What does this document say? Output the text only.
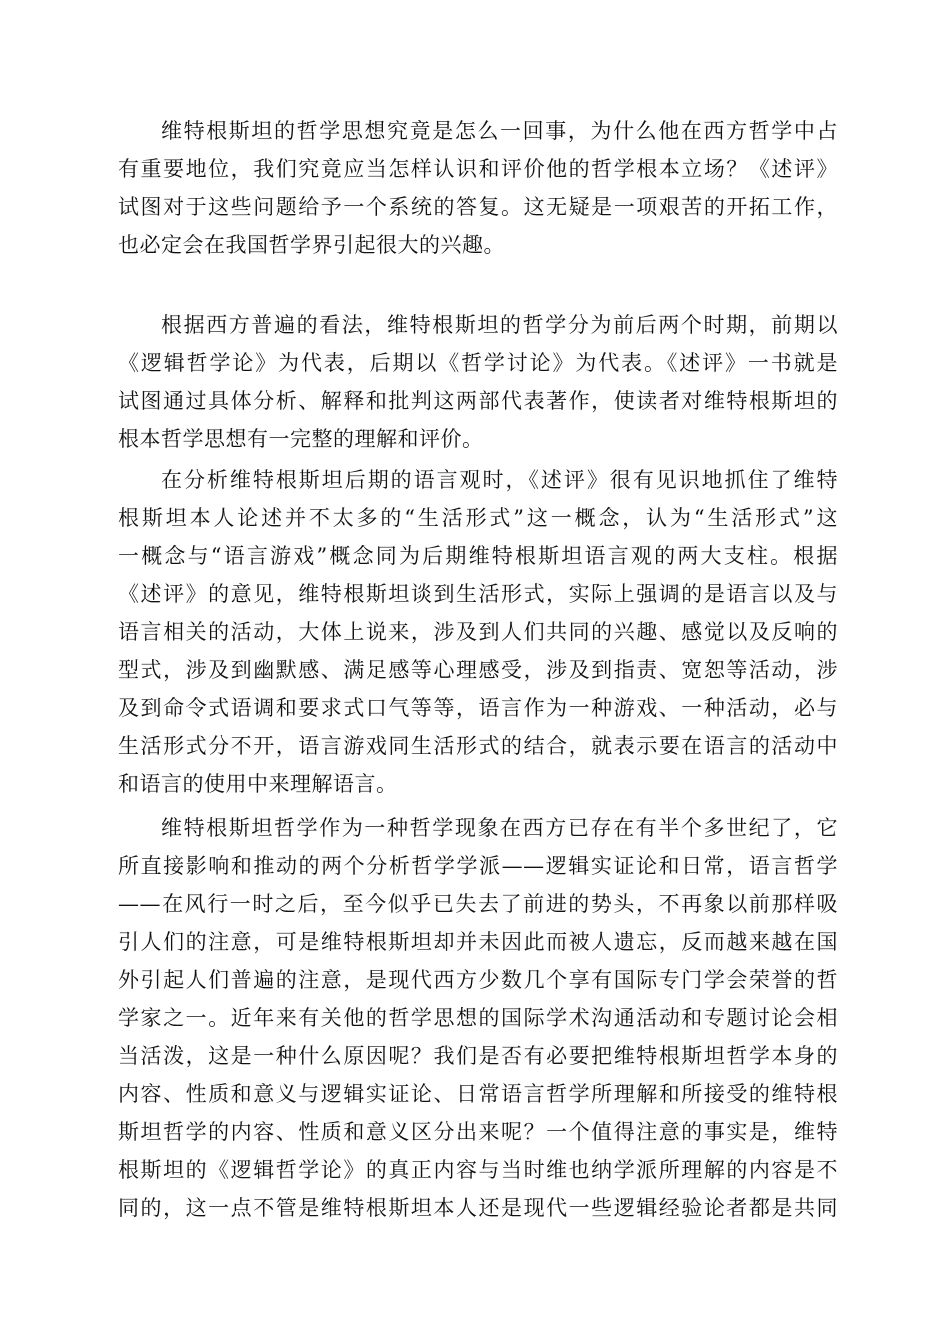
维特根斯坦的哲学思想究竟是怎么一回事，为什么他在西方哲学中占
有重要地位，我们究竟应当怎样认识和评价他的哲学根本立场？《述评》
试图对于这些问题给予一个系统的答复。这无疑是一项艰苦的开拓工作，
也必定会在我国哲学界引起很大的兴趣。

根据西方普遍的看法，维特根斯坦的哲学分为前后两个时期，前期以
《逻辑哲学论》为代表，后期以《哲学讨论》为代表。《述评》一书就是
试图通过具体分析、解释和批判这两部代表著作，使读者对维特根斯坦的
根本哲学思想有一完整的理解和评价。

在分析维特根斯坦后期的语言观时，《述评》很有见识地抓住了维特
根斯坦本人论述并不太多的“生活形式”这一概念，认为“生活形式”这
一概念与“语言游戏”概念同为后期维特根斯坦语言观的两大支柱。根据
《述评》的意见，维特根斯坦谈到生活形式，实际上强调的是语言以及与
语言相关的活动，大体上说来，涉及到人们共同的兴趣、感觉以及反响的
型式，涉及到幽默感、满足感等心理感受，涉及到指责、宽恕等活动，涉
及到命令式语调和要求式口气等等，语言作为一种游戏、一种活动，必与
生活形式分不开，语言游戏同生活形式的结合，就表示要在语言的活动中
和语言的使用中来理解语言。

维特根斯坦哲学作为一种哲学现象在西方已存在有半个多世纪了，它
所直接影响和推动的两个分析哲学学派——逻辑实证论和日常，语言哲学
——在风行一时之后，至今似乎已失去了前进的势头，不再象以前那样吸
引人们的注意，可是维特根斯坦却并未因此而被人遗忘，反而越来越在国
外引起人们普遍的注意，是现代西方少数几个享有国际专门学会荣誉的哲
学家之一。近年来有关他的哲学思想的国际学术沟通活动和专题讨论会相
当活泼，这是一种什么原因呢？我们是否有必要把维特根斯坦哲学本身的
内容、性质和意义与逻辑实证论、日常语言哲学所理解和所接受的维特根
斯坦哲学的内容、性质和意义区分出来呢？一个值得注意的事实是，维特
根斯坦的《逻辑哲学论》的真正内容与当时维也纳学派所理解的内容是不
同的，这一点不管是维特根斯坦本人还是现代一些逻辑经验论者都是共同
